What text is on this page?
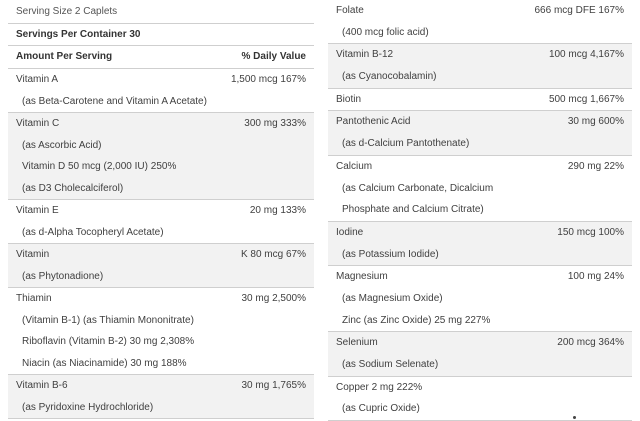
Serving Size 2 Caplets
Servings Per Container 30
Amount Per Serving	% Daily Value
Vitamin A	1,500 mcg 167%
(as Beta-Carotene and Vitamin A Acetate)
Vitamin C	300 mg 333%
(as Ascorbic Acid)
Vitamin D 50 mcg (2,000 IU) 250%
(as D3 Cholecalciferol)
Vitamin E	20 mg 133%
(as d-Alpha Tocopheryl Acetate)
Vitamin	K 80 mcg 67%
(as Phytonadione)
Thiamin	30 mg 2,500%
(Vitamin B-1) (as Thiamin Mononitrate)
Riboflavin (Vitamin B-2) 30 mg 2,308%
Niacin (as Niacinamide) 30 mg 188%
Vitamin B-6	30 mg 1,765%
(as Pyridoxine Hydrochloride)
Folate	666 mcg DFE 167%
(400 mcg folic acid)
Vitamin B-12	100 mcg 4,167%
(as Cyanocobalamin)
Biotin	500 mcg 1,667%
Pantothenic Acid	30 mg 600%
(as d-Calcium Pantothenate)
Calcium	290 mg 22%
(as Calcium Carbonate, Dicalcium
Phosphate and Calcium Citrate)
Iodine	150 mcg 100%
(as Potassium Iodide)
Magnesium	100 mg 24%
(as Magnesium Oxide)
Zinc (as Zinc Oxide) 25 mg 227%
Selenium	200 mcg 364%
(as Sodium Selenate)
Copper 2 mg 222%
(as Cupric Oxide)
